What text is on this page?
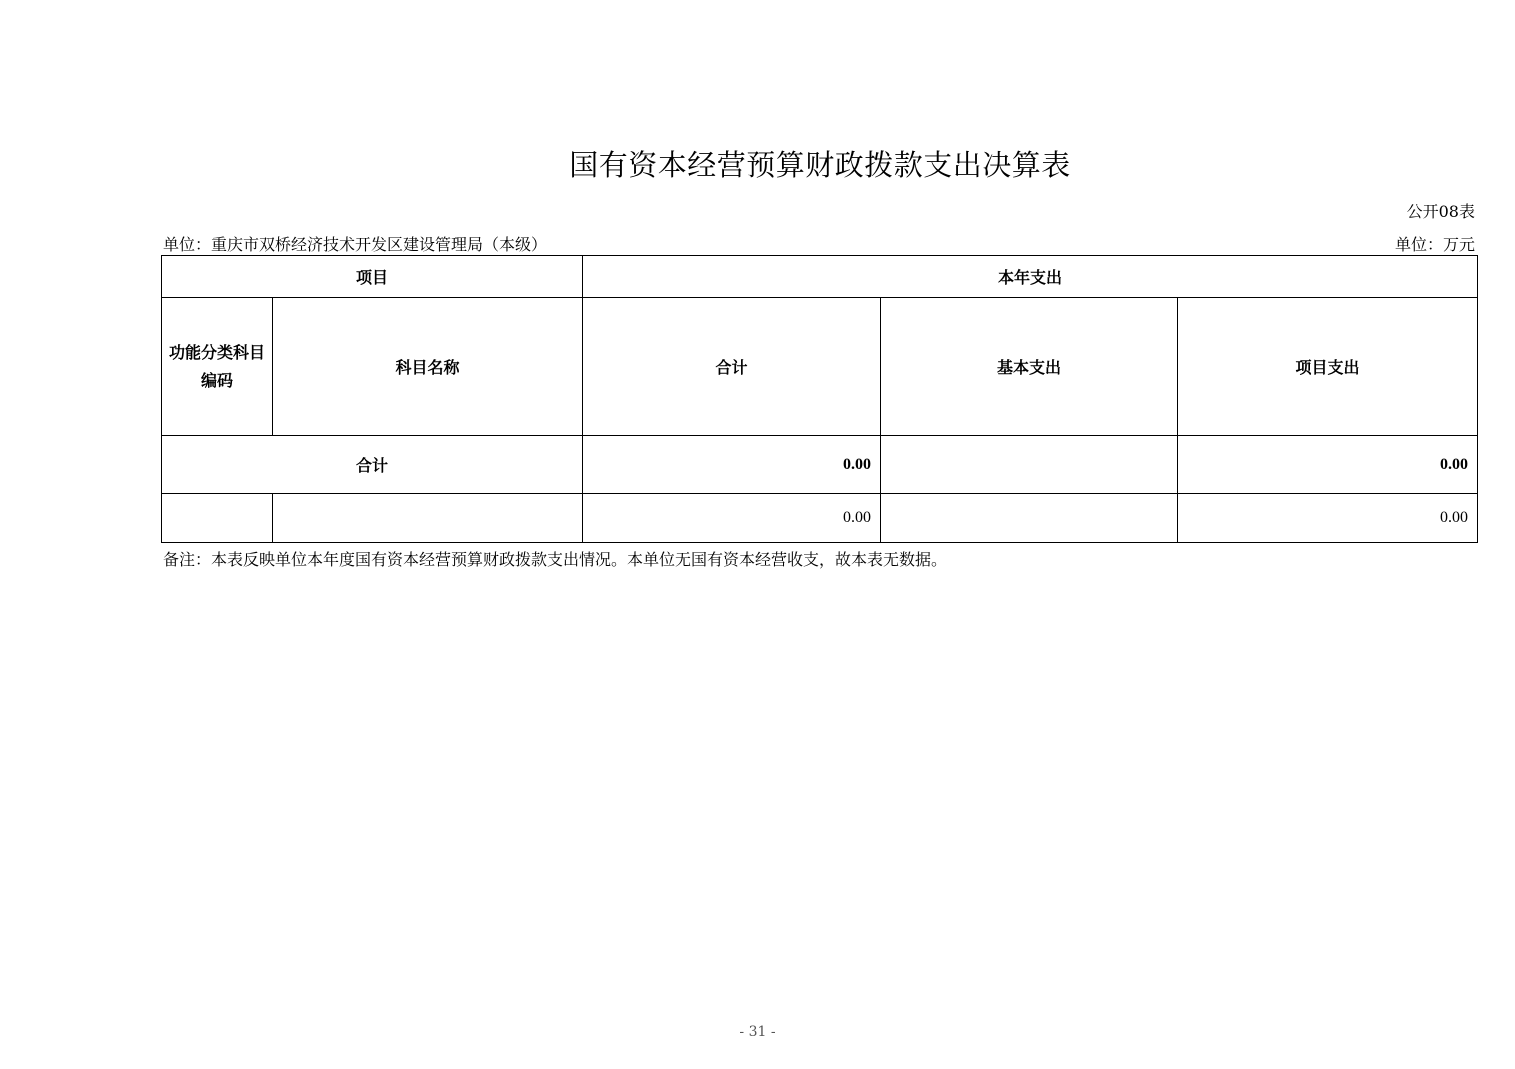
国有资本经营预算财政拨款支出决算表
公开08表
单位：重庆市双桥经济技术开发区建设管理局（本级）	单位：万元
项目		本年支出		

功能分类科目编码	科目名称	合计	基本支出	项目支出
合计		0.00		0.00
		0.00		0.00
备注：本表反映单位本年度国有资本经营预算财政拨款支出情况。本单位无国有资本经营收支，故本表无数据。
- 31 -
